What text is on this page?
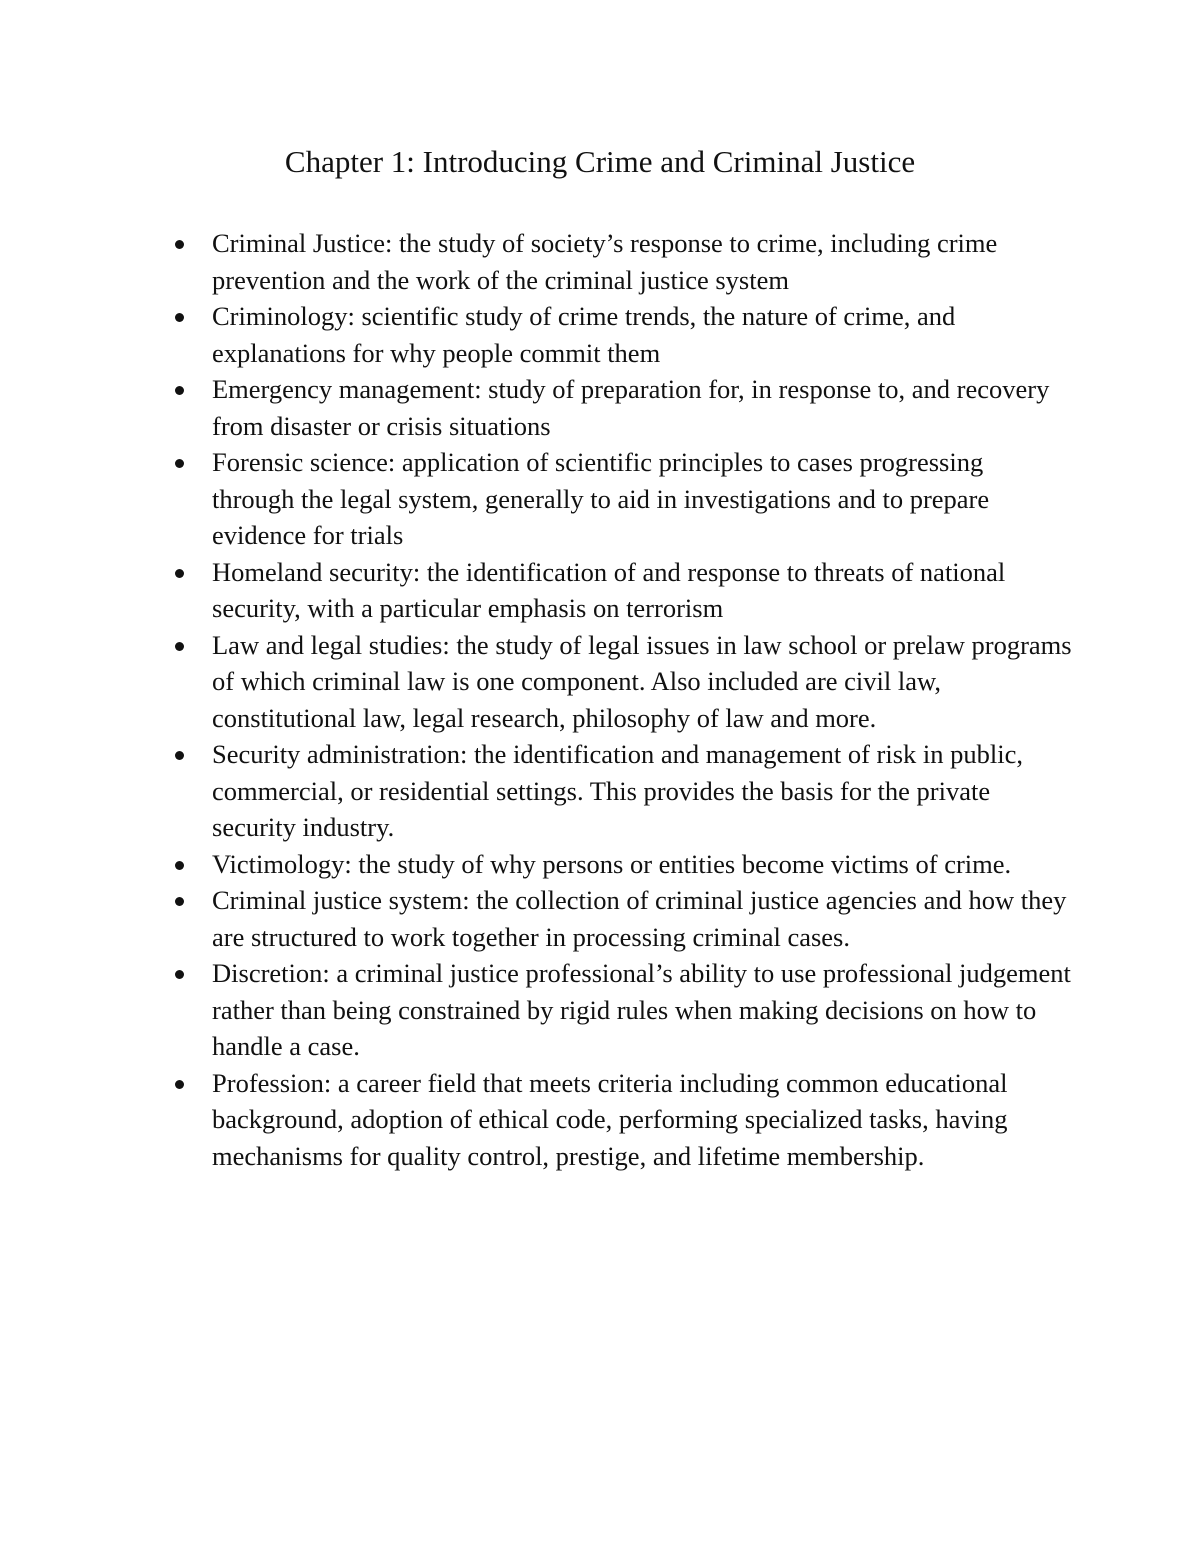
Chapter 1: Introducing Crime and Criminal Justice
Criminal Justice: the study of society’s response to crime, including crime prevention and the work of the criminal justice system
Criminology: scientific study of crime trends, the nature of crime, and explanations for why people commit them
Emergency management: study of preparation for, in response to, and recovery from disaster or crisis situations
Forensic science: application of scientific principles to cases progressing through the legal system, generally to aid in investigations and to prepare evidence for trials
Homeland security: the identification of and response to threats of national security, with a particular emphasis on terrorism
Law and legal studies: the study of legal issues in law school or prelaw programs of which criminal law is one component. Also included are civil law, constitutional law, legal research, philosophy of law and more.
Security administration: the identification and management of risk in public, commercial, or residential settings. This provides the basis for the private security industry.
Victimology: the study of why persons or entities become victims of crime.
Criminal justice system: the collection of criminal justice agencies and how they are structured to work together in processing criminal cases.
Discretion: a criminal justice professional’s ability to use professional judgement rather than being constrained by rigid rules when making decisions on how to handle a case.
Profession: a career field that meets criteria including common educational background, adoption of ethical code, performing specialized tasks, having mechanisms for quality control, prestige, and lifetime membership.
